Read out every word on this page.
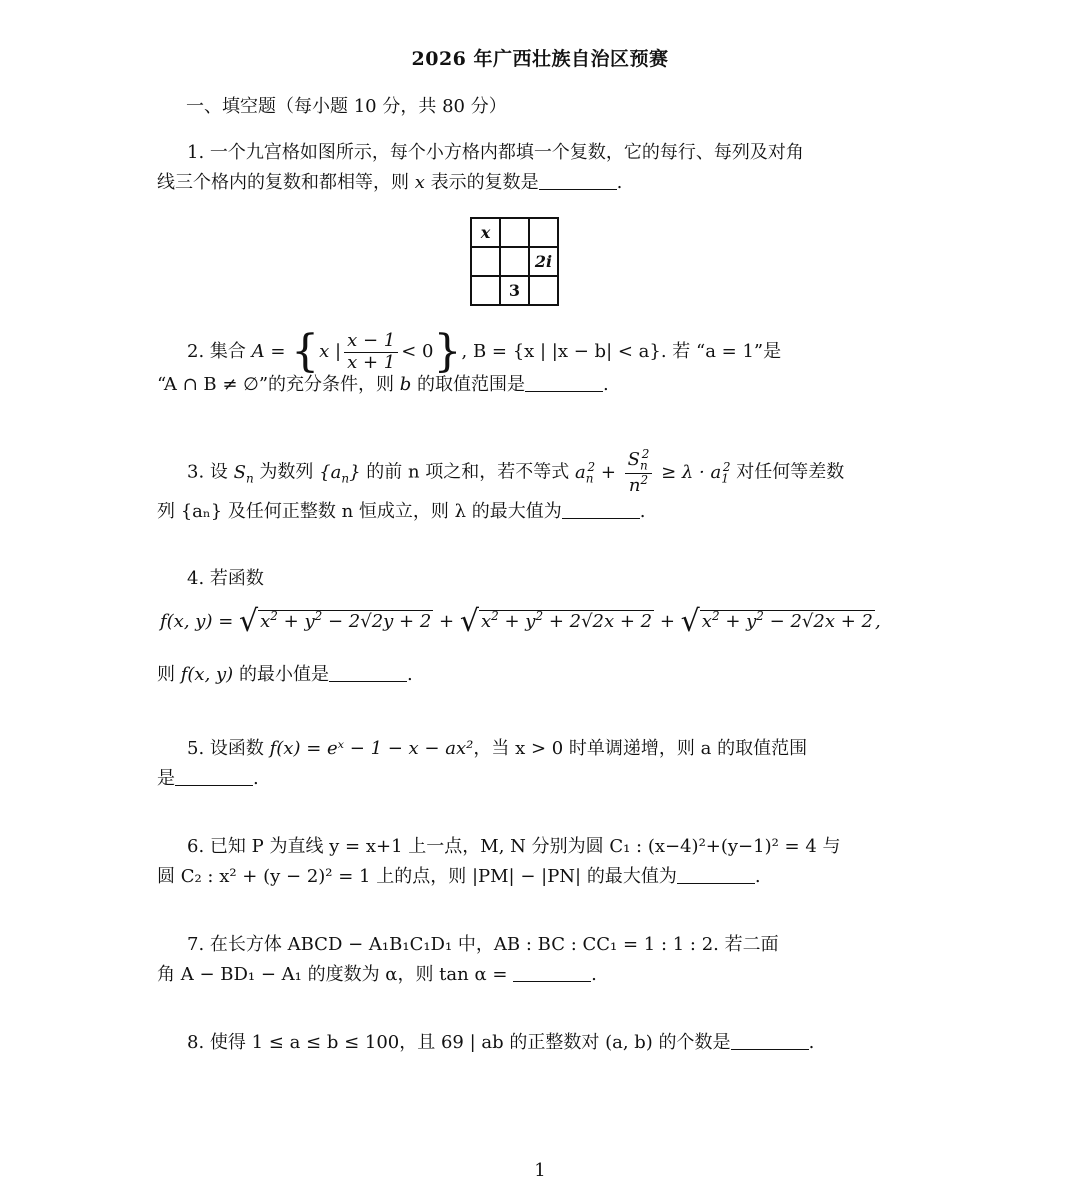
2026 年广西壮族自治区预赛
一、填空题（每小题 10 分，共 80 分）
1. 一个九宫格如图所示，每个小方格内都填一个复数，它的每行、每列及对角
线三个格内的复数和都相等，则 x 表示的复数是	.
x		
		2i
	3	
2. 集合 A = {x | $\frac{x - 1}{x + 1} < 0$}, B = {x | |x − b| < a}. 若 “a = 1”是
“A ∩ B ≠ ∅”的充分条件，则 b 的取值范围是	.
3. 设 $S_n$ 为数列 $\{a_n\}$ 的前 n 项之和，若不等式 $a_n^2 + \frac{S_n^2}{n^2} \ge \lambda \cdot a_1^2$ 对任何等差数
列 {aₙ} 及任何正整数 n 恒成立，则 λ 的最大值为	.
4. 若函数
f(x, y) = √ $x^2 + y^2 - 2√2y + 2$ + √ $x^2 + y^2 + 2√2x + 2$ + √ $x^2 + y^2 - 2√2x + 2$ ,
则 f(x, y) 的最小值是	.
5. 设函数 f(x) = eˣ − 1 − x − ax²，当 x > 0 时单调递增，则 a 的取值范围
是	.
6. 已知 P 为直线 y = x+1 上一点，M, N 分别为圆 C₁ : (x−4)²+(y−1)² = 4 与
圆 C₂ : x² + (y − 2)² = 1 上的点，则 |PM| − |PN| 的最大值为	.
7. 在长方体 ABCD − A₁B₁C₁D₁ 中，AB : BC : CC₁ = 1 : 1 : 2. 若二面
角 A − BD₁ − A₁ 的度数为 α，则 tan α =	.
8. 使得 1 ≤ a ≤ b ≤ 100，且 69 | ab 的正整数对 (a, b) 的个数是	.
1
